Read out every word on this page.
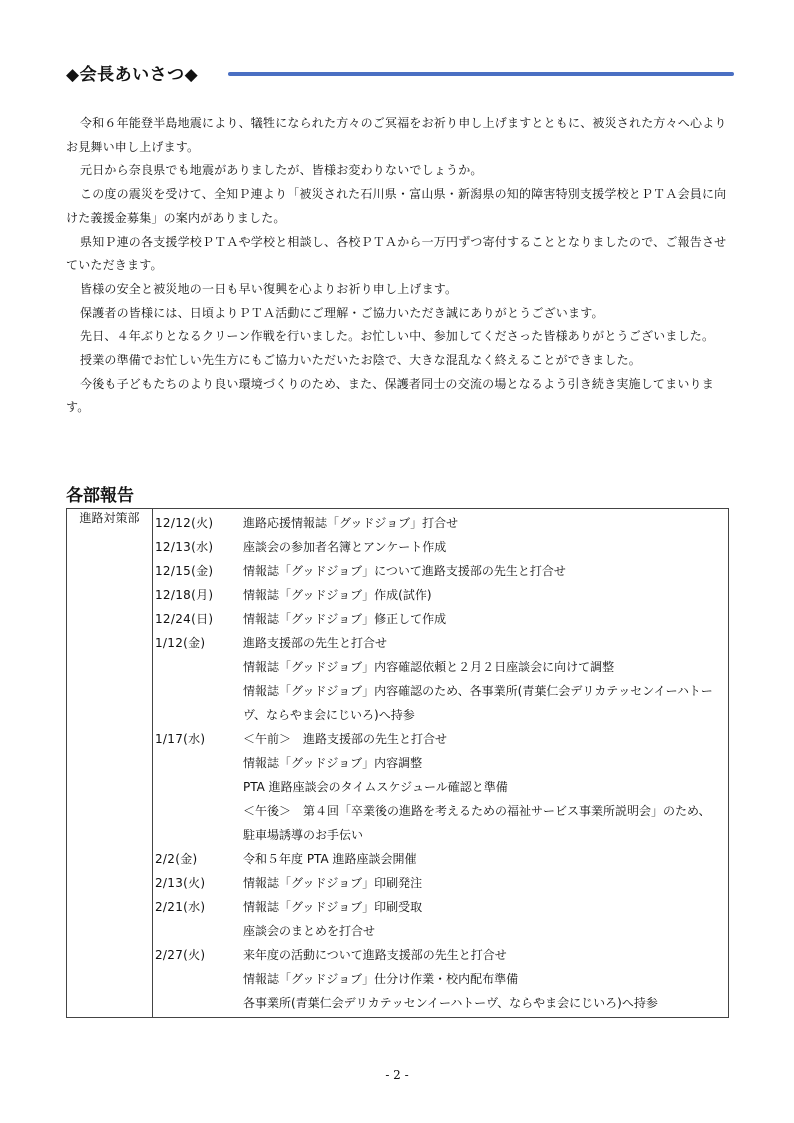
◆会長あいさつ◆

令和６年能登半島地震により、犠牲になられた方々のご冥福をお祈り申し上げますとともに、被災された方々へ心よりお見舞い申し上げます。

元日から奈良県でも地震がありましたが、皆様お変わりないでしょうか。

この度の震災を受けて、全知Ｐ連より「被災された石川県・富山県・新潟県の知的障害特別支援学校とＰＴＡ会員に向けた義援金募集」の案内がありました。

県知Ｐ連の各支援学校ＰＴＡや学校と相談し、各校ＰＴＡから一万円ずつ寄付することとなりましたので、ご報告させていただきます。

皆様の安全と被災地の一日も早い復興を心よりお祈り申し上げます。

保護者の皆様には、日頃よりＰＴＡ活動にご理解・ご協力いただき誠にありがとうございます。

先日、４年ぶりとなるクリーン作戦を行いました。お忙しい中、参加してくださった皆様ありがとうございました。

授業の準備でお忙しい先生方にもご協力いただいたお陰で、大きな混乱なく終えることができました。

今後も子どもたちのより良い環境づくりのため、また、保護者同士の交流の場となるよう引き続き実施してまいります。

各部報告
進路対策部	12/12(火) 進路応援情報誌「グッドジョブ」打合せ
12/13(水) 座談会の参加者名簿とアンケート作成
12/15(金) 情報誌「グッドジョブ」について進路支援部の先生と打合せ
12/18(月) 情報誌「グッドジョブ」作成(試作)
12/24(日) 情報誌「グッドジョブ」修正して作成
1/12(金)	進路支援部の先生と打合せ
情報誌「グッドジョブ」内容確認依頼と２月２日座談会に向けて調整
情報誌「グッドジョブ」内容確認のため、各事業所(青葉仁会デリカテッセンイーハトーヴ、ならやま会にじいろ)へ持参
1/17(水)	＜午前＞　進路支援部の先生と打合せ
情報誌「グッドジョブ」内容調整
PTA 進路座談会のタイムスケジュール確認と準備
＜午後＞　第４回「卒業後の進路を考えるための福祉サービス事業所説明会」のため、駐車場誘導のお手伝い
2/2(金)	令和５年度 PTA 進路座談会開催
2/13(火)	情報誌「グッドジョブ」印刷発注
2/21(水)	情報誌「グッドジョブ」印刷受取
座談会のまとめを打合せ
2/27(火)	来年度の活動について進路支援部の先生と打合せ
情報誌「グッドジョブ」仕分け作業・校内配布準備
各事業所(青葉仁会デリカテッセンイーハトーヴ、ならやま会にじいろ)へ持参
- 2 -
